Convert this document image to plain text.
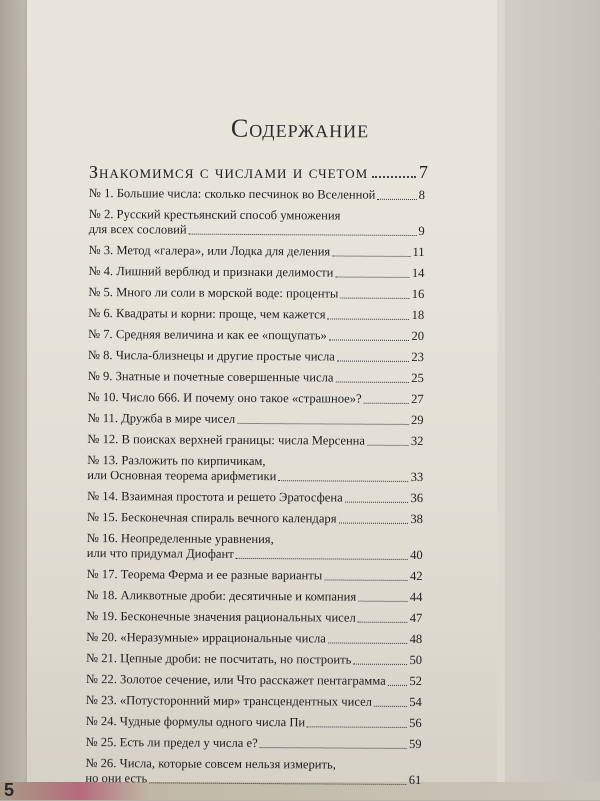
5
Содержание
Знакомимся с числами и счетом	7
№ 1. Большие числа: сколько песчинок во Вселенной	8
№ 2. Русский крестьянский способ умножения
для всех сословий	9
№ 3. Метод «галера», или Лодка для деления	11
№ 4. Лишний верблюд и признаки делимости	14
№ 5. Много ли соли в морской воде: проценты	16
№ 6. Квадраты и корни: проще, чем кажется	18
№ 7. Средняя величина и как ее «пощупать»	20
№ 8. Числа-близнецы и другие простые числа	23
№ 9. Знатные и почетные совершенные числа	25
№ 10. Число 666. И почему оно такое «страшное»?	27
№ 11. Дружба в мире чисел	29
№ 12. В поисках верхней границы: числа Мерсенна	32
№ 13. Разложить по кирпичикам,
или Основная теорема арифметики	33
№ 14. Взаимная простота и решето Эратосфена	36
№ 15. Бесконечная спираль вечного календаря	38
№ 16. Неопределенные уравнения,
или что придумал Диофант	40
№ 17. Теорема Ферма и ее разные варианты	42
№ 18. Аликвотные дроби: десятичные и компания	44
№ 19. Бесконечные значения рациональных чисел	47
№ 20. «Неразумные» иррациональные числа	48
№ 21. Цепные дроби: не посчитать, но построить	50
№ 22. Золотое сечение, или Что расскажет пентаграмма 52
№ 23. «Потусторонний мир» трансцендентных чисел	54
№ 24. Чудные формулы одного числа Пи	56
№ 25. Есть ли предел у числа е?	59
№ 26. Числа, которые совсем нельзя измерить,
но они есть	61
